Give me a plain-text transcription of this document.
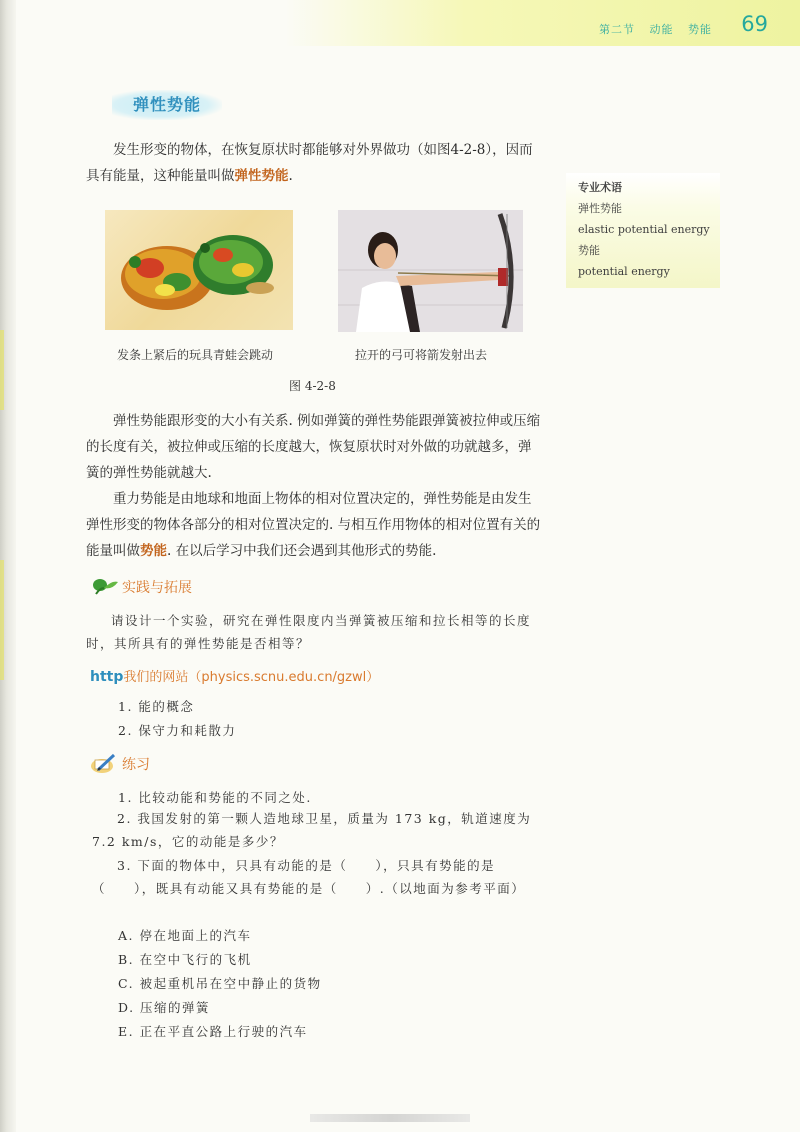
第二节 动能 势能 69
弹性势能

发生形变的物体，在恢复原状时都能够对外界做功（如图4-2-8），因而具有能量，这种能量叫做弹性势能.

专业术语
弹性势能
elastic potential energy
势能
potential energy
发条上紧后的玩具青蛙会跳动	拉开的弓可将箭发射出去
图 4-2-8

弹性势能跟形变的大小有关系. 例如弹簧的弹性势能跟弹簧被拉伸或压缩的长度有关，被拉伸或压缩的长度越大，恢复原状时对外做的功就越多，弹簧的弹性势能就越大.

重力势能是由地球和地面上物体的相对位置决定的，弹性势能是由发生弹性形变的物体各部分的相对位置决定的. 与相互作用物体的相对位置有关的能量叫做势能. 在以后学习中我们还会遇到其他形式的势能.

实践与拓展

请设计一个实验，研究在弹性限度内当弹簧被压缩和拉长相等的长度时，其所具有的弹性势能是否相等？

http我们的网站（physics.scnu.edu.cn/gzwl）
1. 能的概念
2. 保守力和耗散力
练习
1. 比较动能和势能的不同之处.

2. 我国发射的第一颗人造地球卫星，质量为 173 kg，轨道速度为 7.2 km/s，它的动能是多少？

3. 下面的物体中，只具有动能的是（　　），只具有势能的是（　　），既具有动能又具有势能的是（　　）.（以地面为参考平面）

A. 停在地面上的汽车
B. 在空中飞行的飞机
C. 被起重机吊在空中静止的货物
D. 压缩的弹簧
E. 正在平直公路上行驶的汽车
